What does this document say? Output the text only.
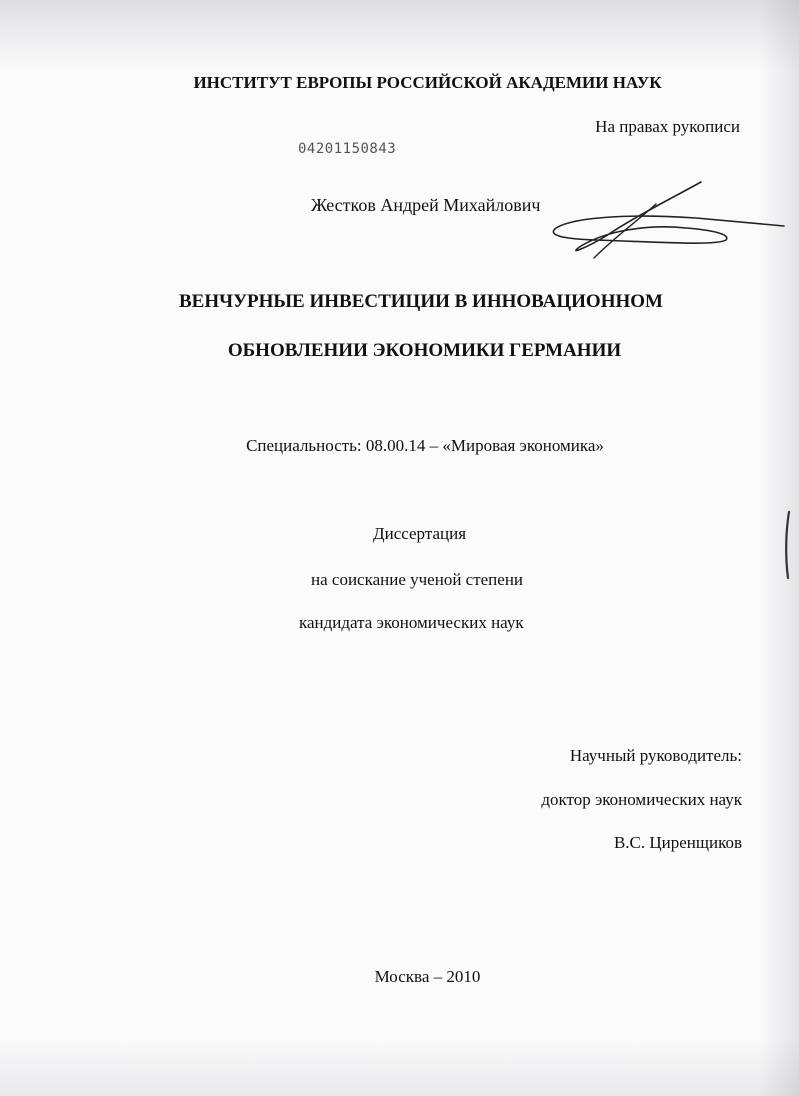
ИНСТИТУТ ЕВРОПЫ РОССИЙСКОЙ АКАДЕМИИ НАУК
На правах рукописи
04201150843
Жестков Андрей Михайлович
ВЕНЧУРНЫЕ ИНВЕСТИЦИИ В ИННОВАЦИОННОМ
ОБНОВЛЕНИИ ЭКОНОМИКИ ГЕРМАНИИ
Специальность: 08.00.14 – «Мировая экономика»
Диссертация
на соискание ученой степени
кандидата экономических наук
Научный руководитель:
доктор экономических наук
В.С. Циренщиков
Москва – 2010
